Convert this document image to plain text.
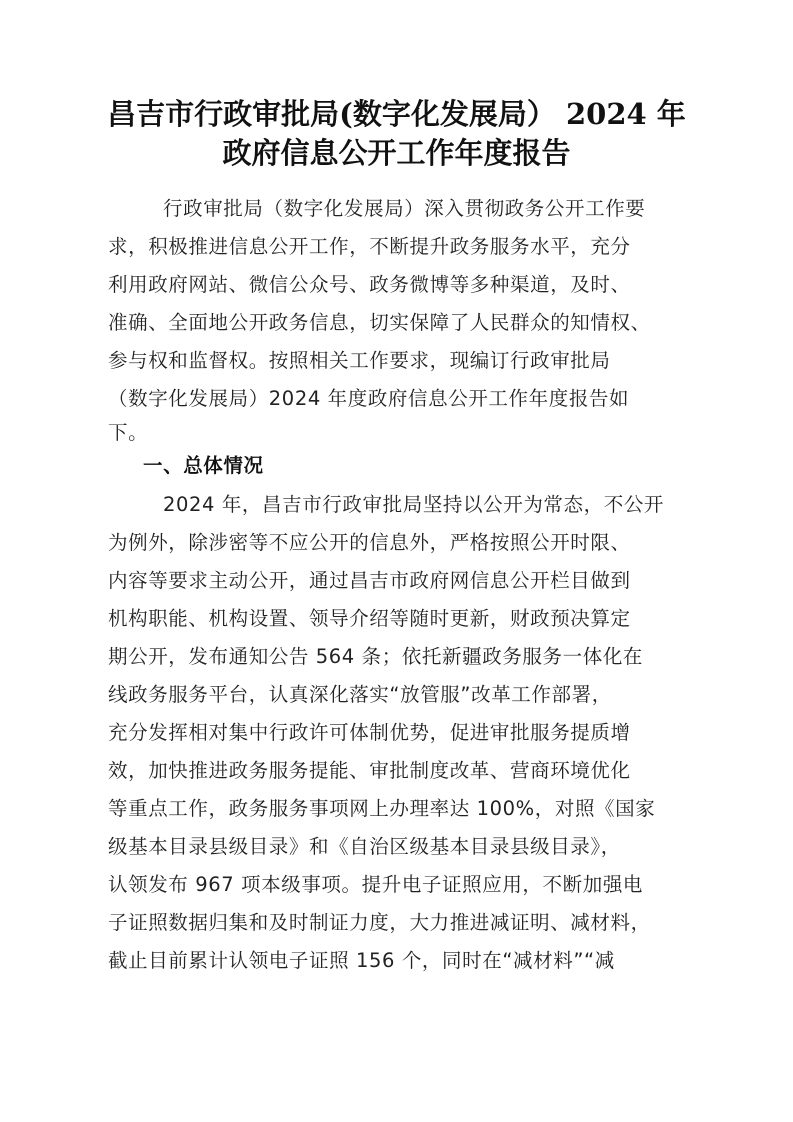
昌吉市行政审批局(数字化发展局） 2024 年
政府信息公开工作年度报告
行政审批局（数字化发展局）深入贯彻政务公开工作要
求，积极推进信息公开工作，不断提升政务服务水平，充分
利用政府网站、微信公众号、政务微博等多种渠道，及时、
准确、全面地公开政务信息，切实保障了人民群众的知情权、
参与权和监督权。按照相关工作要求，现编订行政审批局
（数字化发展局）2024 年度政府信息公开工作年度报告如
下。
一、总体情况
2024 年，昌吉市行政审批局坚持以公开为常态，不公开
为例外，除涉密等不应公开的信息外，严格按照公开时限、
内容等要求主动公开，通过昌吉市政府网信息公开栏目做到
机构职能、机构设置、领导介绍等随时更新，财政预决算定
期公开，发布通知公告 564 条；依托新疆政务服务一体化在
线政务服务平台，认真深化落实“放管服”改革工作部署，
充分发挥相对集中行政许可体制优势，促进审批服务提质增
效，加快推进政务服务提能、审批制度改革、营商环境优化
等重点工作，政务服务事项网上办理率达 100%，对照《国家
级基本目录县级目录》和《自治区级基本目录县级目录》，
认领发布 967 项本级事项。提升电子证照应用，不断加强电
子证照数据归集和及时制证力度，大力推进减证明、减材料，
截止目前累计认领电子证照 156 个，同时在“减材料”“减
